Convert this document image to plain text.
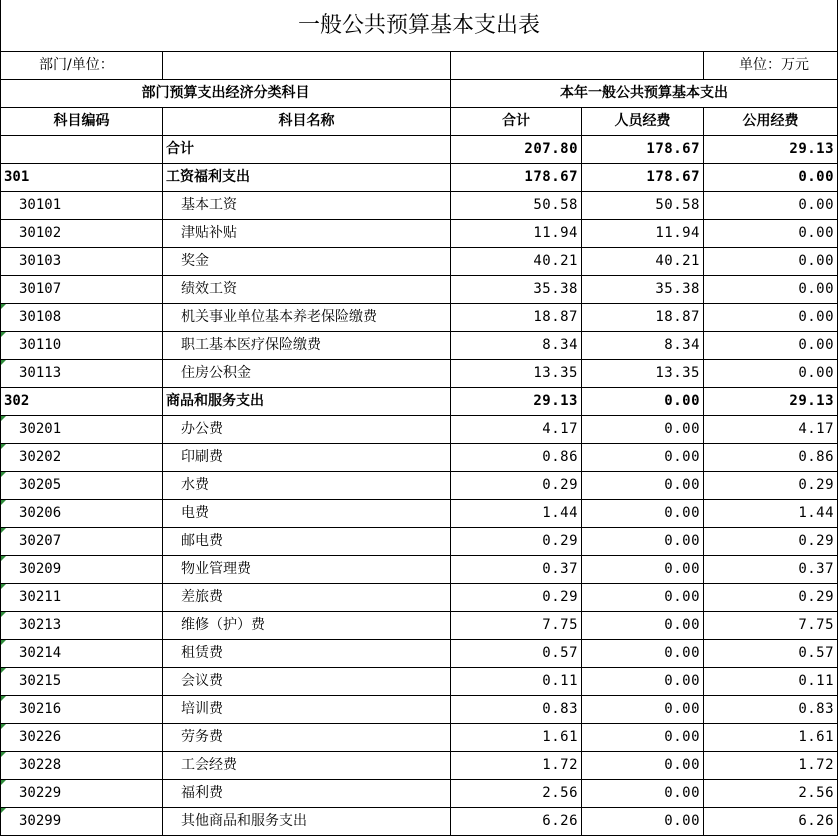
一般公共预算基本支出表				
部门/单位：				单位：万元
部门预算支出经济分类科目		本年一般公共预算基本支出		
科目编码	科目名称	合计	人员经费	公用经费
	合计	207.80	178.67	29.13
301	工资福利支出	178.67	178.67	0.00
30101	基本工资	50.58	50.58	0.00
30102	津贴补贴	11.94	11.94	0.00
30103	奖金	40.21	40.21	0.00
30107	绩效工资	35.38	35.38	0.00
30108	机关事业单位基本养老保险缴费	18.87	18.87	0.00
30110	职工基本医疗保险缴费	8.34	8.34	0.00
30113	住房公积金	13.35	13.35	0.00
302	商品和服务支出	29.13	0.00	29.13
30201	办公费	4.17	0.00	4.17
30202	印刷费	0.86	0.00	0.86
30205	水费	0.29	0.00	0.29
30206	电费	1.44	0.00	1.44
30207	邮电费	0.29	0.00	0.29
30209	物业管理费	0.37	0.00	0.37
30211	差旅费	0.29	0.00	0.29
30213	维修（护）费	7.75	0.00	7.75
30214	租赁费	0.57	0.00	0.57
30215	会议费	0.11	0.00	0.11
30216	培训费	0.83	0.00	0.83
30226	劳务费	1.61	0.00	1.61
30228	工会经费	1.72	0.00	1.72
30229	福利费	2.56	0.00	2.56
30299	其他商品和服务支出	6.26	0.00	6.26
